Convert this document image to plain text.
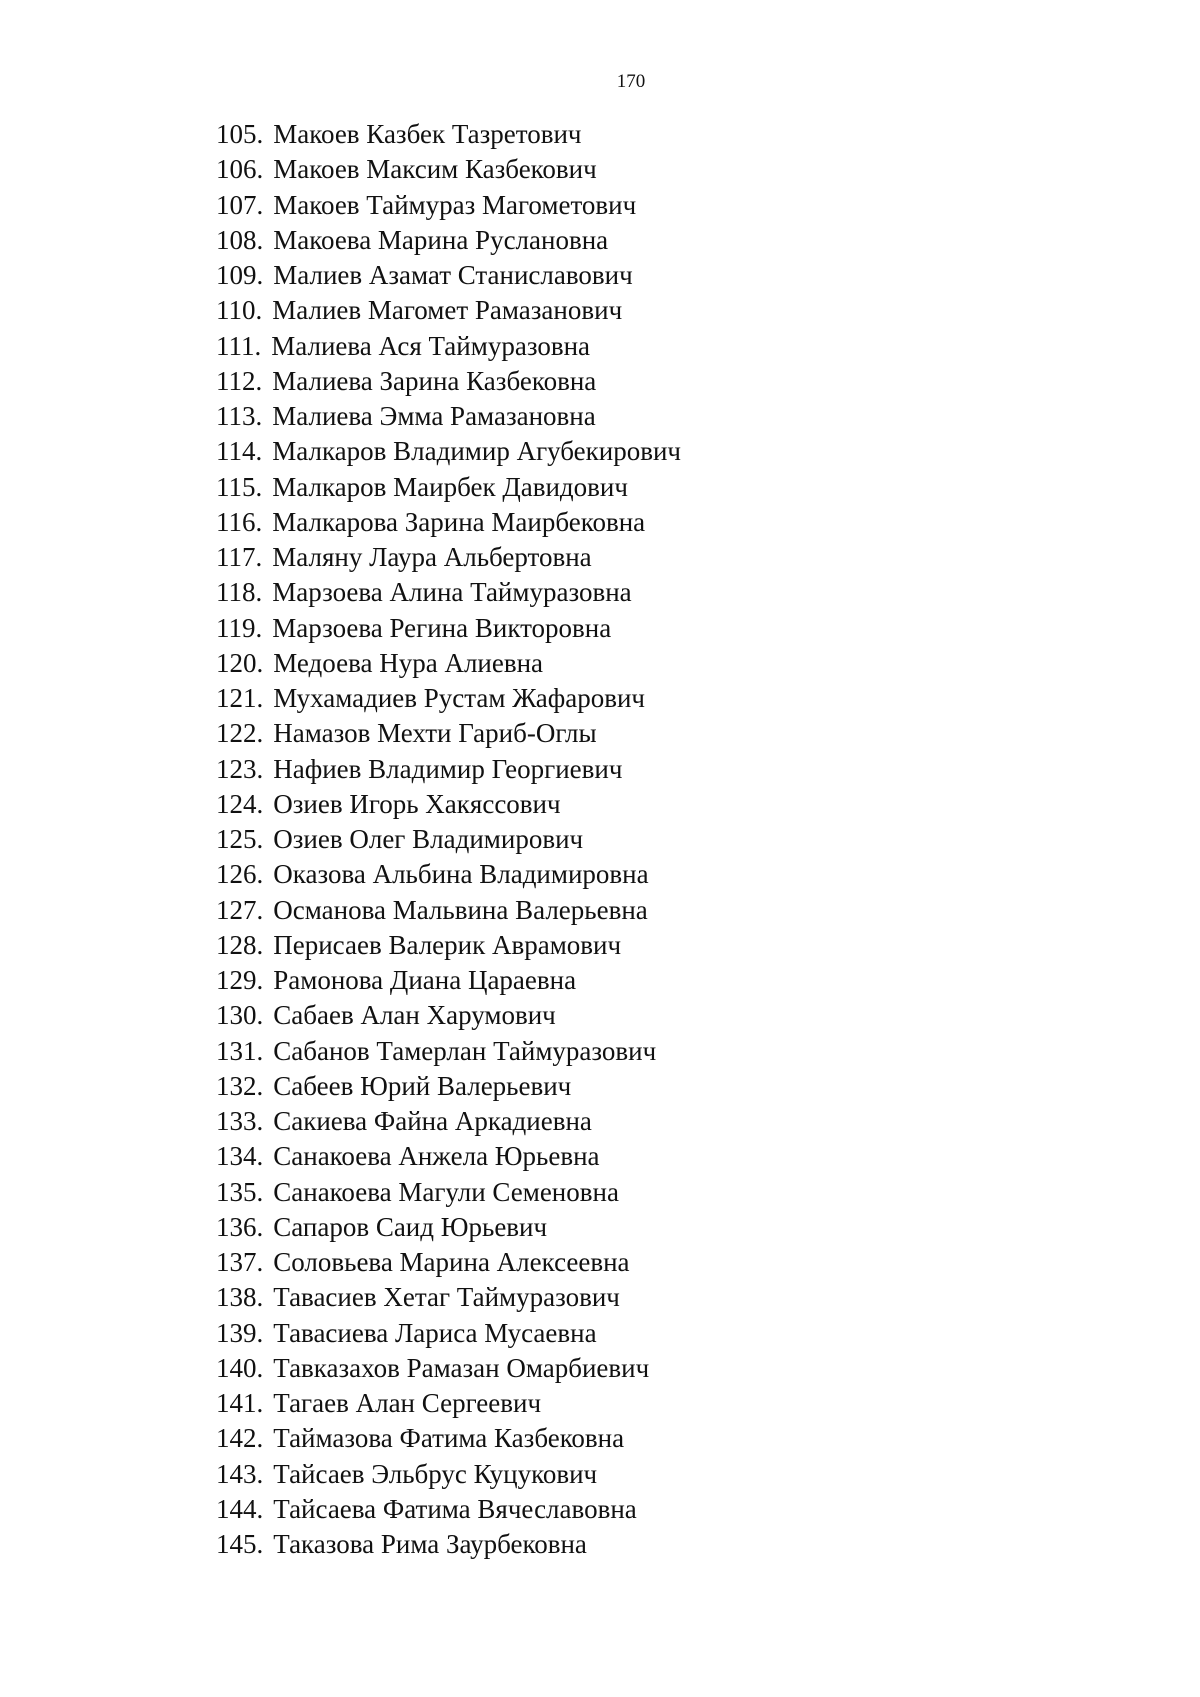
170
105. Макоев Казбек Тазретович
106. Макоев Максим Казбекович
107. Макоев Таймураз Магометович
108. Макоева Марина Руслановна
109. Малиев Азамат Станиславович
110. Малиев Магомет Рамазанович
111. Малиева Ася Таймуразовна
112. Малиева Зарина Казбековна
113. Малиева Эмма Рамазановна
114. Малкаров Владимир Агубекирович
115. Малкаров Маирбек Давидович
116. Малкарова Зарина Маирбековна
117. Маляну Лаура Альбертовна
118. Марзоева Алина Таймуразовна
119. Марзоева Регина Викторовна
120. Медоева Нура Алиевна
121. Мухамадиев Рустам Жафарович
122. Намазов Мехти Гариб-Оглы
123. Нафиев Владимир Георгиевич
124. Озиев Игорь Хакяссович
125. Озиев Олег Владимирович
126. Оказова Альбина Владимировна
127. Османова Мальвина Валерьевна
128. Перисаев Валерик Аврамович
129. Рамонова Диана Цараевна
130. Сабаев Алан Харумович
131. Сабанов Тамерлан Таймуразович
132. Сабеев Юрий Валерьевич
133. Сакиева Файна Аркадиевна
134. Санакоева Анжела Юрьевна
135. Санакоева Магули Семеновна
136. Сапаров Саид Юрьевич
137. Соловьева Марина Алексеевна
138. Тавасиев Хетаг Таймуразович
139. Тавасиева Лариса Мусаевна
140. Тавказахов Рамазан Омарбиевич
141. Тагаев Алан Сергеевич
142. Таймазова Фатима Казбековна
143. Тайсаев Эльбрус Куцукович
144. Тайсаева Фатима Вячеславовна
145. Таказова Рима Заурбековна
